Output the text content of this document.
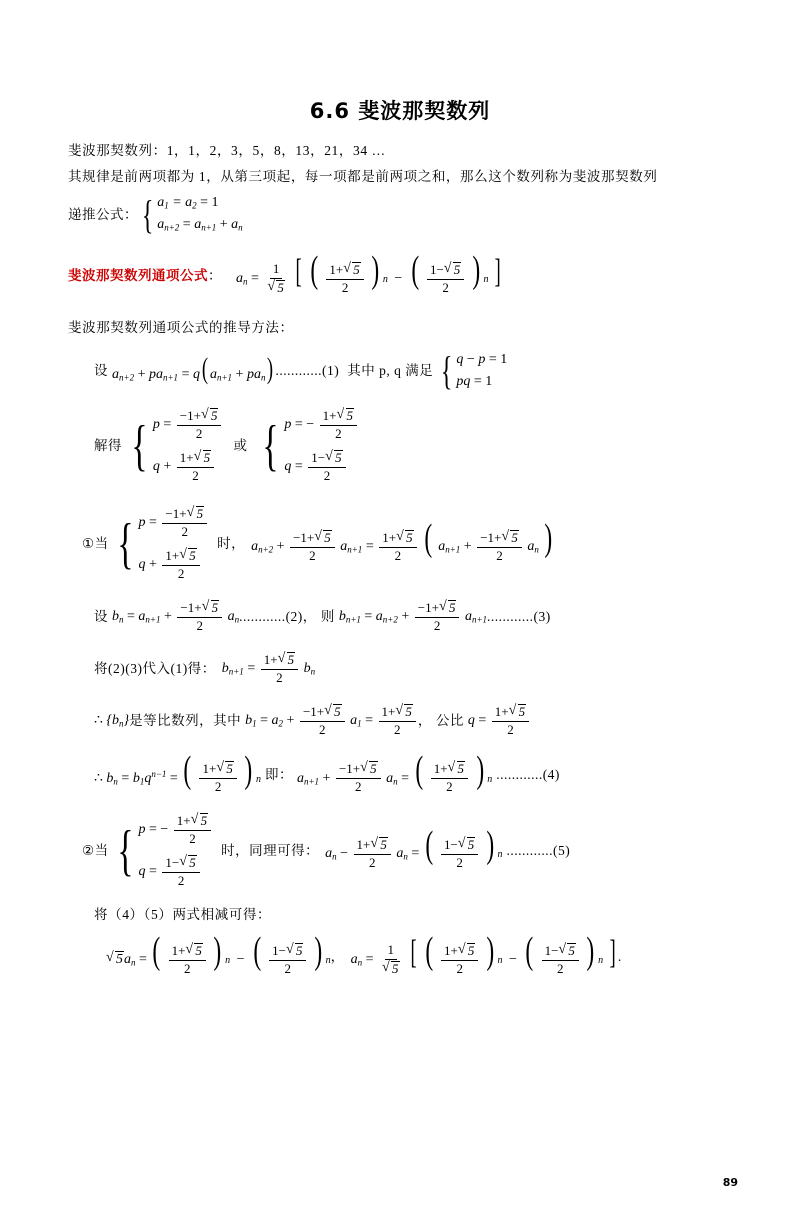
6.6 斐波那契数列
斐波那契数列：1，1，2，3，5，8，13，21，34 …
其规律是前两项都为 1，从第三项起，每一项都是前两项之和，那么这个数列称为斐波那契数列
递推公式： { $a_1 = a_2 = 1$
$a_{n+2} = a_{n+1} + a_n$
斐波那契数列通项公式 ： $a_n = 1$
√ 5
[
(
$\frac{1+ √ 5}{2}$
) n − (
$\frac{1- √ 5}{2}$
) n ]
斐波那契数列通项公式的推导方法：
设 $a_{n+2} + pa_{n+1} = q$ ( $a_{n+1} + pa_n$ ) ............(1) 其中 p, q 满足 { q − p = 1
pq = 1
解得 { $p = \frac{-1+ √ 5}{2}$
$q + \frac{1+ √ 5}{2}$
或 { p = − $\frac{1+ √ 5}{2}$
$q = \frac{1- √ 5}{2}$
① 当 { $p = \frac{-1+ √ 5}{2}$
$q + \frac{1+ √ 5}{2}$
时， $a_{n+2} + \frac{-1+ √ 5}{2} a_{n+1} = \frac{1+ √ 5}{2}$
( $a_{n+1} + \frac{-1+ √ 5}{2} a_n$ )
设 $b_n = a_{n+1} + \frac{-1+ √ 5}{2} a_n$ ............(2)， 则 $b_{n+1} = a_{n+2} + \frac{-1+ √ 5}{2} a_{n+1}$ ............(3)
将(2)(3)代入(1)得： $b_{n+1} = \frac{1+ √ 5}{2} b_n$
∴ $\{b_n\}$ 是等比数列，其中 $b_1 = a_2 + \frac{-1+ √ 5}{2} a_1 = \frac{1+ √ 5}{2}$ ， 公比 $q = \frac{1+ √ 5}{2}$
∴ $b_n = b_1q^{n-1}$ = (
$\frac{1+ √ 5}{2}$
) n 即： $a_{n+1} + \frac{-1+ √ 5}{2} a_n$ = (
$\frac{1+ √ 5}{2}$
) n ............(4)
② 当 { p = − $\frac{1+ √ 5}{2}$
$q = \frac{1- √ 5}{2}$
时，同理可得： $a_n - \frac{1+ √ 5}{2} a_n$ = (
$\frac{1- √ 5}{2}$
) n ............(5)
将（4）（5）两式相减可得：
√ $5a_n$ = (
$\frac{1+ √ 5}{2}$
) n − (
$\frac{1- √ 5}{2}$
) n ， $a_n = 1$
√ 5
[
(
$\frac{1+ √ 5}{2}$
) n − (
$\frac{1- √ 5}{2}$
) n ] .
89
